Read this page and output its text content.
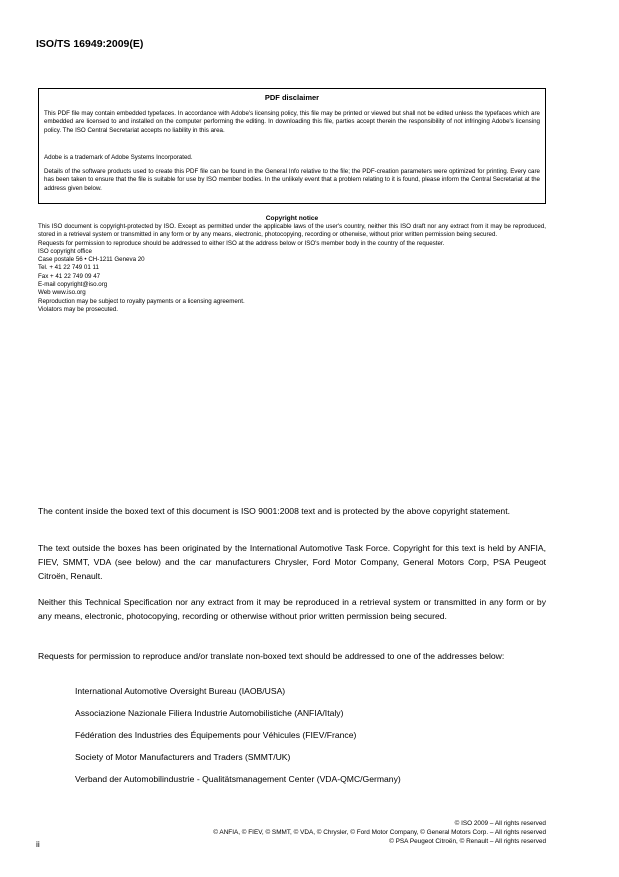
ISO/TS 16949:2009(E)
PDF disclaimer
This PDF file may contain embedded typefaces. In accordance with Adobe's licensing policy, this file may be printed or viewed but shall not be edited unless the typefaces which are embedded are licensed to and installed on the computer performing the editing. In downloading this file, parties accept therein the responsibility of not infringing Adobe's licensing policy. The ISO Central Secretariat accepts no liability in this area.
Adobe is a trademark of Adobe Systems Incorporated.
Details of the software products used to create this PDF file can be found in the General Info relative to the file; the PDF-creation parameters were optimized for printing. Every care has been taken to ensure that the file is suitable for use by ISO member bodies. In the unlikely event that a problem relating to it is found, please inform the Central Secretariat at the address given below.
Copyright notice
This ISO document is copyright-protected by ISO. Except as permitted under the applicable laws of the user's country, neither this ISO draft nor any extract from it may be reproduced, stored in a retrieval system or transmitted in any form or by any means, electronic, photocopying, recording or otherwise, without prior written permission being secured.
Requests for permission to reproduce should be addressed to either ISO at the address below or ISO's member body in the country of the requester.
ISO copyright office
Case postale 56 • CH-1211 Geneva 20
Tel. + 41 22 749 01 11
Fax + 41 22 749 09 47
E-mail copyright@iso.org
Web www.iso.org
Reproduction may be subject to royalty payments or a licensing agreement.
Violators may be prosecuted.
The content inside the boxed text of this document is ISO 9001:2008 text and is protected by the above copyright statement.
The text outside the boxes has been originated by the International Automotive Task Force. Copyright for this text is held by ANFIA, FIEV, SMMT, VDA (see below) and the car manufacturers Chrysler, Ford Motor Company, General Motors Corp, PSA Peugeot Citroën, Renault.
Neither this Technical Specification nor any extract from it may be reproduced in a retrieval system or transmitted in any form or by any means, electronic, photocopying, recording or otherwise without prior written permission being secured.
Requests for permission to reproduce and/or translate non-boxed text should be addressed to one of the addresses below:
International Automotive Oversight Bureau (IAOB/USA)
Associazione Nazionale Filiera Industrie Automobilistiche (ANFIA/Italy)
Fédération des Industries des Équipements pour Véhicules (FIEV/France)
Society of Motor Manufacturers and Traders (SMMT/UK)
Verband der Automobilindustrie - Qualitätsmanagement Center (VDA-QMC/Germany)
© ISO 2009 – All rights reserved
© ANFIA, © FIEV, © SMMT, © VDA, © Chrysler, © Ford Motor Company, © General Motors Corp. – All rights reserved
© PSA Peugeot Citroën, © Renault – All rights reserved
ii
